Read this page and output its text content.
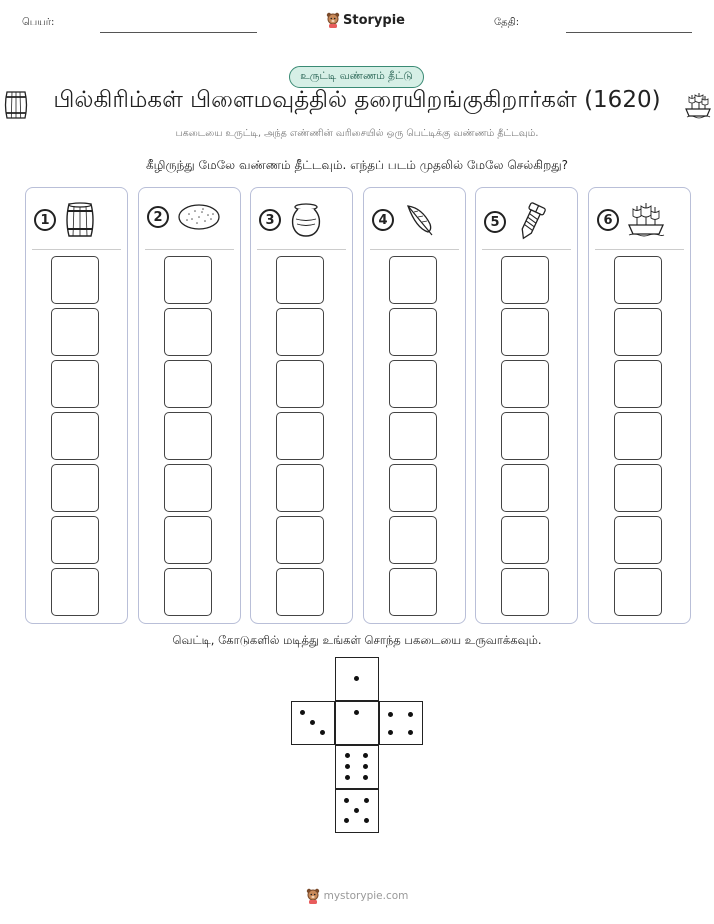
பெயர்:	Storypie	தேதி:
உருட்டி வண்ணம் தீட்டு
பில்கிரிம்கள் பிளைமவுத்தில் தரையிறங்குகிறார்கள் (1620)
பகடையை உருட்டி, அந்த எண்ணின் வரிசையில் ஒரு பெட்டிக்கு வண்ணம் தீட்டவும்.
கீழிருந்து மேலே வண்ணம் தீட்டவும். எந்தப் படம் முதலில் மேலே செல்கிறது?
1	2	3	4	5	6
வெட்டி, கோடுகளில் மடித்து உங்கள் சொந்த பகடையை உருவாக்கவும்.
mystorypie.com
